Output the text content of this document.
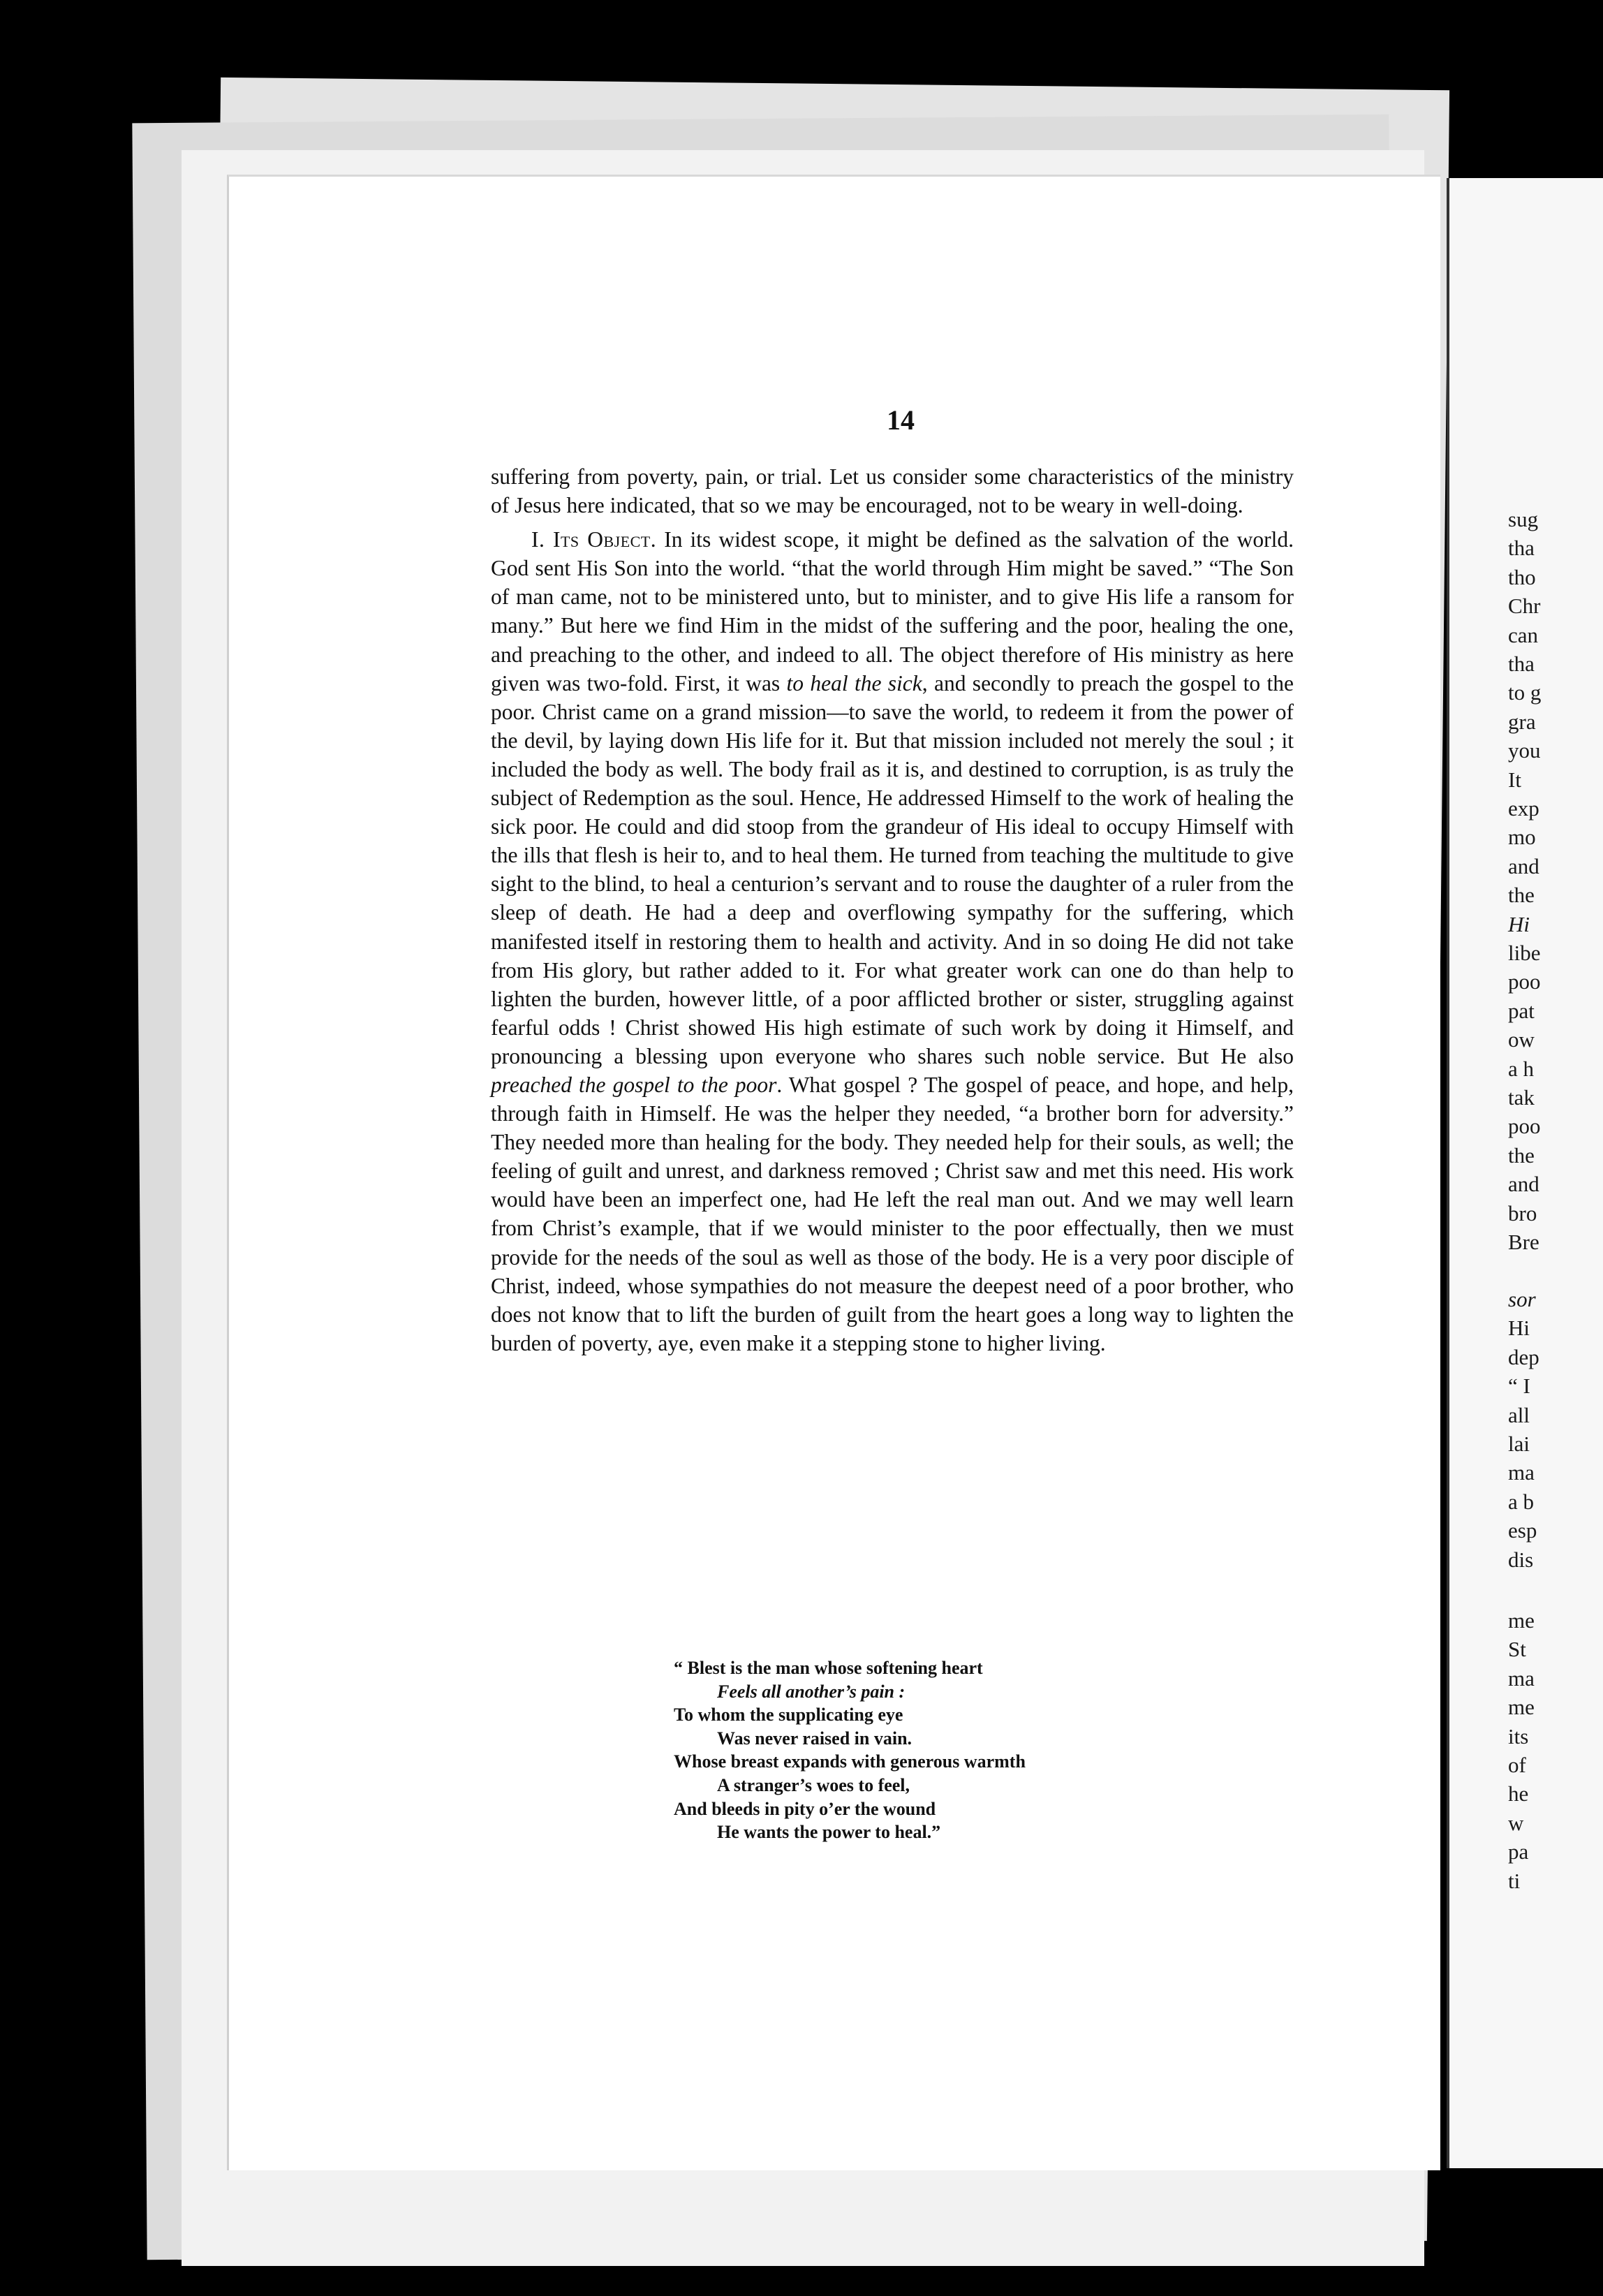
sug
tha
tho
Chr
can
tha
to g
gra
you
It
exp
mo
and
the
Hi
libe
poo
pat
ow
a h
tak
poo
the
and
bro
Bre
sor
Hi
dep
“ I
all
lai
ma
a b
esp
dis
me
St
ma
me
its
of
he
w
pa
ti
14

suffering from poverty, pain, or trial. Let us consider some characteristics of the ministry of Jesus here indicated, that so we may be encouraged, not to be weary in well-doing.

I. Its Object. In its widest scope, it might be defined as the salvation of the world. God sent His Son into the world. “that the world through Him might be saved.” “The Son of man came, not to be ministered unto, but to minister, and to give His life a ransom for many.” But here we find Him in the midst of the suffering and the poor, healing the one, and preaching to the other, and indeed to all. The object therefore of His ministry as here given was two-fold. First, it was to heal the sick, and secondly to preach the gospel to the poor. Christ came on a grand mission—to save the world, to redeem it from the power of the devil, by laying down His life for it. But that mission included not merely the soul ; it included the body as well. The body frail as it is, and destined to corruption, is as truly the subject of Redemption as the soul. Hence, He addressed Himself to the work of healing the sick poor. He could and did stoop from the grandeur of His ideal to occupy Himself with the ills that flesh is heir to, and to heal them. He turned from teaching the multitude to give sight to the blind, to heal a centurion’s servant and to rouse the daughter of a ruler from the sleep of death. He had a deep and overflowing sympathy for the suffering, which manifested itself in restoring them to health and activity. And in so doing He did not take from His glory, but rather added to it. For what greater work can one do than help to lighten the burden, however little, of a poor afflicted brother or sister, struggling against fearful odds ! Christ showed His high estimate of such work by doing it Himself, and pronouncing a blessing upon everyone who shares such noble service. But He also preached the gospel to the poor. What gospel ? The gospel of peace, and hope, and help, through faith in Himself. He was the helper they needed, “a brother born for adversity.” They needed more than healing for the body. They needed help for their souls, as well; the feeling of guilt and unrest, and darkness removed ; Christ saw and met this need. His work would have been an imperfect one, had He left the real man out. And we may well learn from Christ’s example, that if we would minister to the poor effectually, then we must provide for the needs of the soul as well as those of the body. He is a very poor disciple of Christ, indeed, whose sympathies do not measure the deepest need of a poor brother, who does not know that to lift the burden of guilt from the heart goes a long way to lighten the burden of poverty, aye, even make it a stepping stone to higher living.

“ Blest is the man whose softening heart
Feels all another’s pain :
To whom the supplicating eye
Was never raised in vain.
Whose breast expands with generous warmth
A stranger’s woes to feel,
And bleeds in pity o’er the wound
He wants the power to heal.”
